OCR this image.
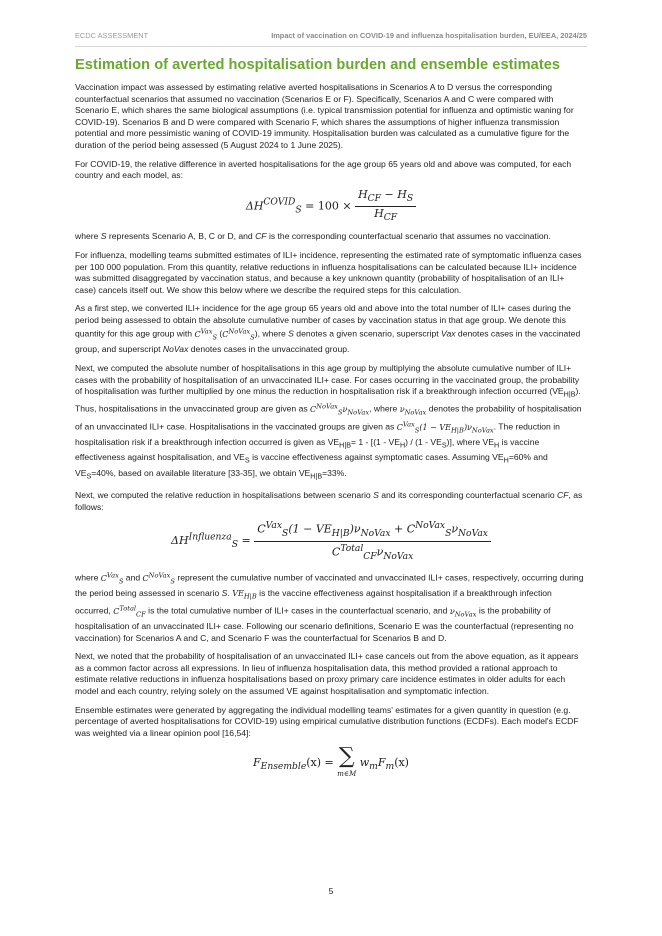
ECDC ASSESSMENT	Impact of vaccination on COVID-19 and influenza hospitalisation burden, EU/EEA, 2024/25
Estimation of averted hospitalisation burden and ensemble estimates

Vaccination impact was assessed by estimating relative averted hospitalisations in Scenarios A to D versus the corresponding counterfactual scenarios that assumed no vaccination (Scenarios E or F). Specifically, Scenarios A and C were compared with Scenario E, which shares the same biological assumptions (i.e. typical transmission potential for influenza and optimistic waning for COVID-19). Scenarios B and D were compared with Scenario F, which shares the assumptions of higher influenza transmission potential and more pessimistic waning of COVID-19 immunity. Hospitalisation burden was calculated as a cumulative figure for the duration of the period being assessed (5 August 2024 to 1 June 2025).

For COVID-19, the relative difference in averted hospitalisations for the age group 65 years old and above was computed, for each country and each model, as:

$\Delta H^{COVID}_S = 100 \times \frac{H_{CF} - H_S}{H_{CF}}$

where S represents Scenario A, B, C or D, and CF is the corresponding counterfactual scenario that assumes no vaccination.

For influenza, modelling teams submitted estimates of ILI+ incidence, representing the estimated rate of symptomatic influenza cases per 100 000 population. From this quantity, relative reductions in influenza hospitalisations can be calculated because ILI+ incidence was submitted disaggregated by vaccination status, and because a key unknown quantity (probability of hospitalisation of an ILI+ case) cancels itself out. We show this below where we describe the required steps for this calculation.

As a first step, we converted ILI+ incidence for the age group 65 years old and above into the total number of ILI+ cases during the period being assessed to obtain the absolute cumulative number of cases by vaccination status in that age group. We denote this quantity for this age group with $C^{Vax}_S$ $(C^{NoVax}_S)$, where S denotes a given scenario, superscript Vax denotes cases in the vaccinated group, and superscript NoVax denotes cases in the unvaccinated group.

Next, we computed the absolute number of hospitalisations in this age group by multiplying the absolute cumulative number of ILI+ cases with the probability of hospitalisation of an unvaccinated ILI+ case. For cases occurring in the vaccinated group, the probability of hospitalisation was further multiplied by one minus the reduction in hospitalisation risk if a breakthrough infection occurred $(VE_{H|B})$. Thus, hospitalisations in the unvaccinated group are given as $C^{NoVax}_S\nu_{NoVax}$, where $\nu_{NoVax}$ denotes the probability of hospitalisation of an unvaccinated ILI+ case. Hospitalisations in the vaccinated groups are given as $C^{Vax}_S(1 - VE_{H|B})\nu_{NoVax}$. The reduction in hospitalisation risk if a breakthrough infection occurred is given as $VE_{H|B}= 1 - [(1 - VE_H) / (1 - VE_S)]$, where $VE_H$ is vaccine effectiveness against hospitalisation, and $VE_S$ is vaccine effectiveness against symptomatic cases. Assuming $VE_H=60\%$ and $VE_S=40\%$, based on available literature [33-35], we obtain $VE_{H|B}=33\%$.

Next, we computed the relative reduction in hospitalisations between scenario S and its corresponding counterfactual scenario CF, as follows:

$\Delta H^{Influenza}_S = \frac{C^{Vax}_S(1 - VE_{H|B})\nu_{NoVax} + C^{NoVax}_S\nu_{NoVax}}{C^{Total}_{CF}\nu_{NoVax}}$

where $C^{Vax}_S$ and $C^{NoVax}_S$ represent the cumulative number of vaccinated and unvaccinated ILI+ cases, respectively, occurring during the period being assessed in scenario S. $VE_{H|B}$ is the vaccine effectiveness against hospitalisation if a breakthrough infection occurred, $C^{Total}_{CF}$ is the total cumulative number of ILI+ cases in the counterfactual scenario, and $\nu_{NoVax}$ is the probability of hospitalisation of an unvaccinated ILI+ case. Following our scenario definitions, Scenario E was the counterfactual (representing no vaccination) for Scenarios A and C, and Scenario F was the counterfactual for Scenarios B and D.

Next, we noted that the probability of hospitalisation of an unvaccinated ILI+ case cancels out from the above equation, as it appears as a common factor across all expressions. In lieu of influenza hospitalisation data, this method provided a rational approach to estimate relative reductions in influenza hospitalisations based on proxy primary care incidence estimates in older adults for each model and each country, relying solely on the assumed VE against hospitalisation and symptomatic infection.

Ensemble estimates were generated by aggregating the individual modelling teams' estimates for a given quantity in question (e.g. percentage of averted hospitalisations for COVID-19) using empirical cumulative distribution functions (ECDFs). Each model's ECDF was weighted via a linear opinion pool [16,54]:

$F_{Ensemble}(x)$ = ∑
m∈M
$w_mF_m(x)$
5
